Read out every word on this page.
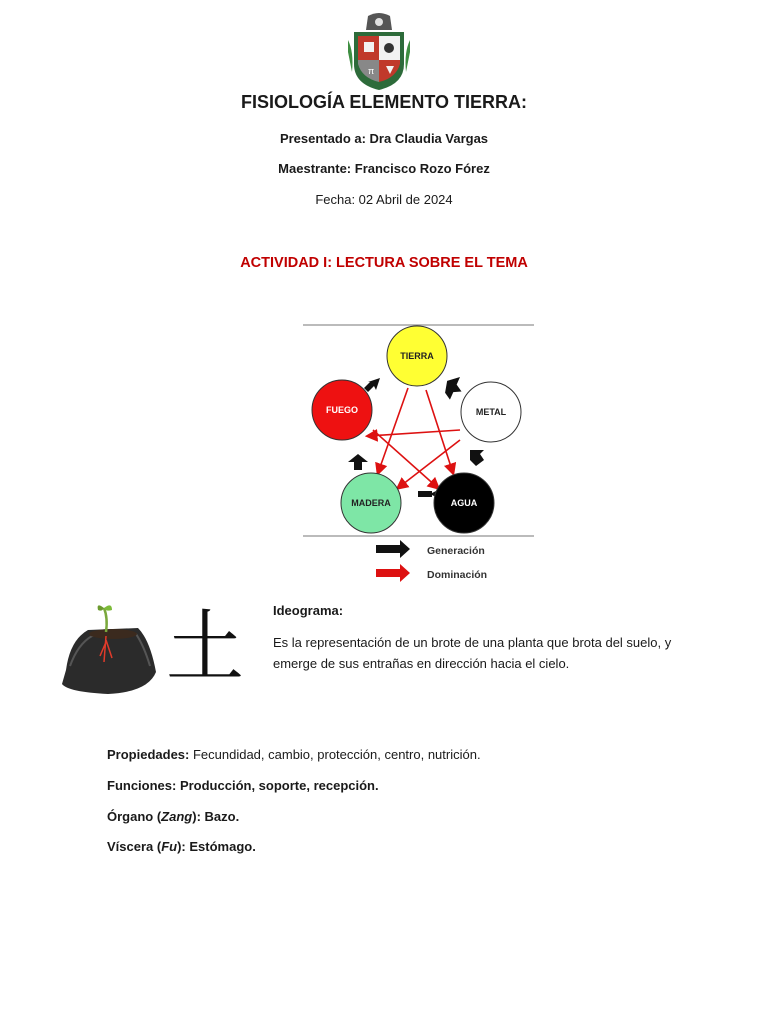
π
FISIOLOGÍA ELEMENTO TIERRA:
Presentado a: Dra Claudia Vargas
Maestrante: Francisco Rozo Fórez
Fecha: 02 Abril de 2024
ACTIVIDAD I: LECTURA SOBRE EL TEMA
TIERRA
METAL
AGUA
MADERA
FUEGO
Generación
Dominación
土 Ideograma:
Es la representación de un brote de una planta que brota del suelo, y emerge de sus entrañas en dirección hacia el cielo.
Propiedades: Fecundidad, cambio, protección, centro, nutrición.
Funciones: Producción, soporte, recepción.
Órgano (Zang): Bazo.
Víscera (Fu): Estómago.
